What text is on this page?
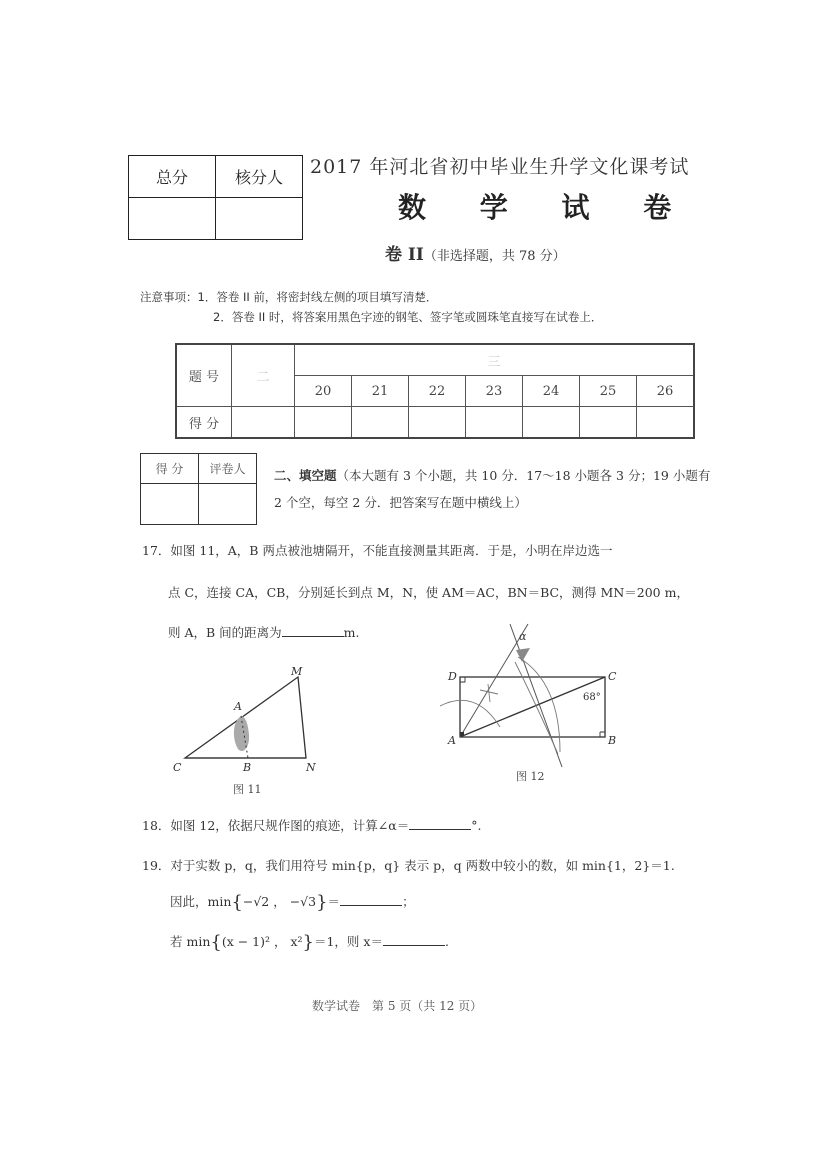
总分	核分人
	2017 年河北省初中毕业生升学文化课考试
数 学 试 卷
卷 II（非选择题，共 78 分）
注意事项：1．答卷 II 前，将密封线左侧的项目填写清楚．
2．答卷 II 时，将答案用黑色字迹的钢笔、签字笔或圆珠笔直接写在试卷上．
题 号	二	三						
		20	21	22	23	24	25	26
得 分								
得 分	评卷人
	二、填空题（本大题有 3 个小题，共 10 分．17～18 小题各 3 分；19 小题有 2 个空，每空 2 分．把答案写在题中横线上）
17．如图 11，A，B 两点被池塘隔开，不能直接测量其距离．于是，小明在岸边选一
点 C，连接 CA，CB，分别延长到点 M，N，使 AM＝AC，BN＝BC，测得 MN＝200 m，
则 A，B 间的距离为	m.
M
A
C	B	N
图 11
α
D	C
A	B
68°
图 12
18．如图 12，依据尺规作图的痕迹，计算∠α＝	°.
19．对于实数 p，q，我们用符号 min{p，q} 表示 p，q 两数中较小的数，如 min{1，2}＝1.
因此，min{−√2 ， −√3}＝	；
若 min{(x − 1)² ， x²}＝1，则 x＝	.
数学试卷　第 5 页（共 12 页）
